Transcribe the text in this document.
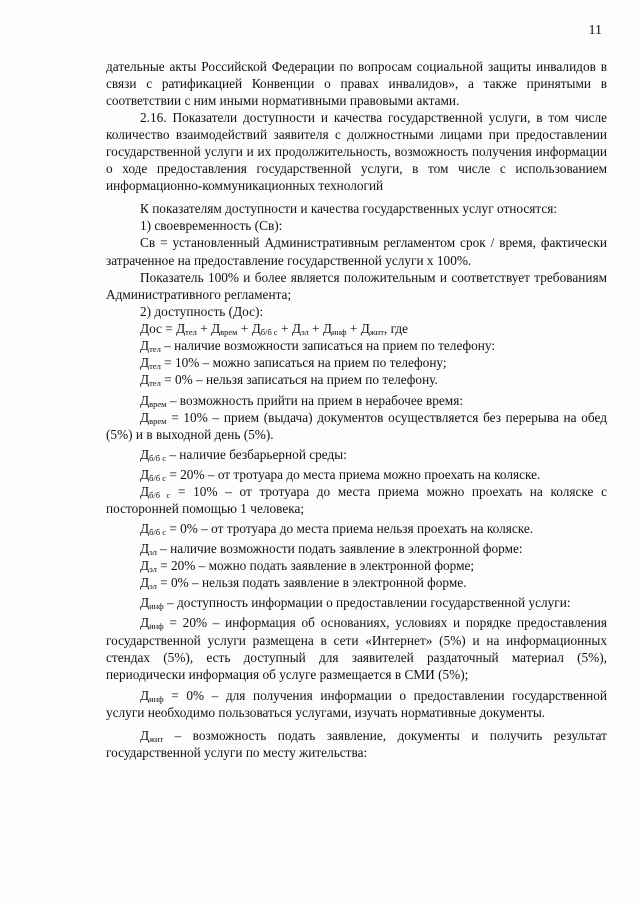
11

дательные акты Российской Федерации по вопросам социальной защиты инвалидов в связи с ратификацией Конвенции о правах инвалидов», а также принятыми в соответствии с ним иными нормативными правовыми актами.

2.16. Показатели доступности и качества государственной услуги, в том числе количество взаимодействий заявителя с должностными лицами при предоставлении государственной услуги и их продолжительность, возможность получения информации о ходе предоставления государственной услуги, в том числе с использованием информационно-коммуникационных технологий

К показателям доступности и качества государственных услуг относятся:

1) своевременность (Св):

Св = установленный Административным регламентом срок / время, фактически затраченное на предоставление государственной услуги х 100%.

Показатель 100% и более является положительным и соответствует требованиям Административного регламента;

2) доступность (Дос):

Дос = $Д_{тел} + Д_{врем} + Д_{б/б с} + Д_{эл} + Д_{инф} + Д_{жит}$, где

$Д_{тел}$ – наличие возможности записаться на прием по телефону:

$Д_{тел} = 10\%$ – можно записаться на прием по телефону;

$Д_{тел} = 0\%$ – нельзя записаться на прием по телефону.

$Д_{врем}$ – возможность прийти на прием в нерабочее время:

$Д_{врем} = 10\%$ – прием (выдача) документов осуществляется без перерыва на обед (5%) и в выходной день (5%).

$Д_{б/б с}$ – наличие безбарьерной среды:

$Д_{б/б с} = 20\%$ – от тротуара до места приема можно проехать на коляске.

$Д_{б/б с} = 10\%$ – от тротуара до места приема можно проехать на коляске с посторонней помощью 1 человека;

$Д_{б/б с} = 0\%$ – от тротуара до места приема нельзя проехать на коляске.

$Д_{эл}$ – наличие возможности подать заявление в электронной форме:

$Д_{эл} = 20\%$ – можно подать заявление в электронной форме;

$Д_{эл} = 0\%$ – нельзя подать заявление в электронной форме.

$Д_{инф}$ – доступность информации о предоставлении государственной услуги:

$Д_{инф} = 20\%$ – информация об основаниях, условиях и порядке предоставления государственной услуги размещена в сети «Интернет» (5%) и на информационных стендах (5%), есть доступный для заявителей раздаточный материал (5%), периодически информация об услуге размещается в СМИ (5%);

$Д_{инф} = 0\%$ – для получения информации о предоставлении государственной услуги необходимо пользоваться услугами, изучать нормативные документы.

$Д_{жит}$ – возможность подать заявление, документы и получить результат государственной услуги по месту жительства:
